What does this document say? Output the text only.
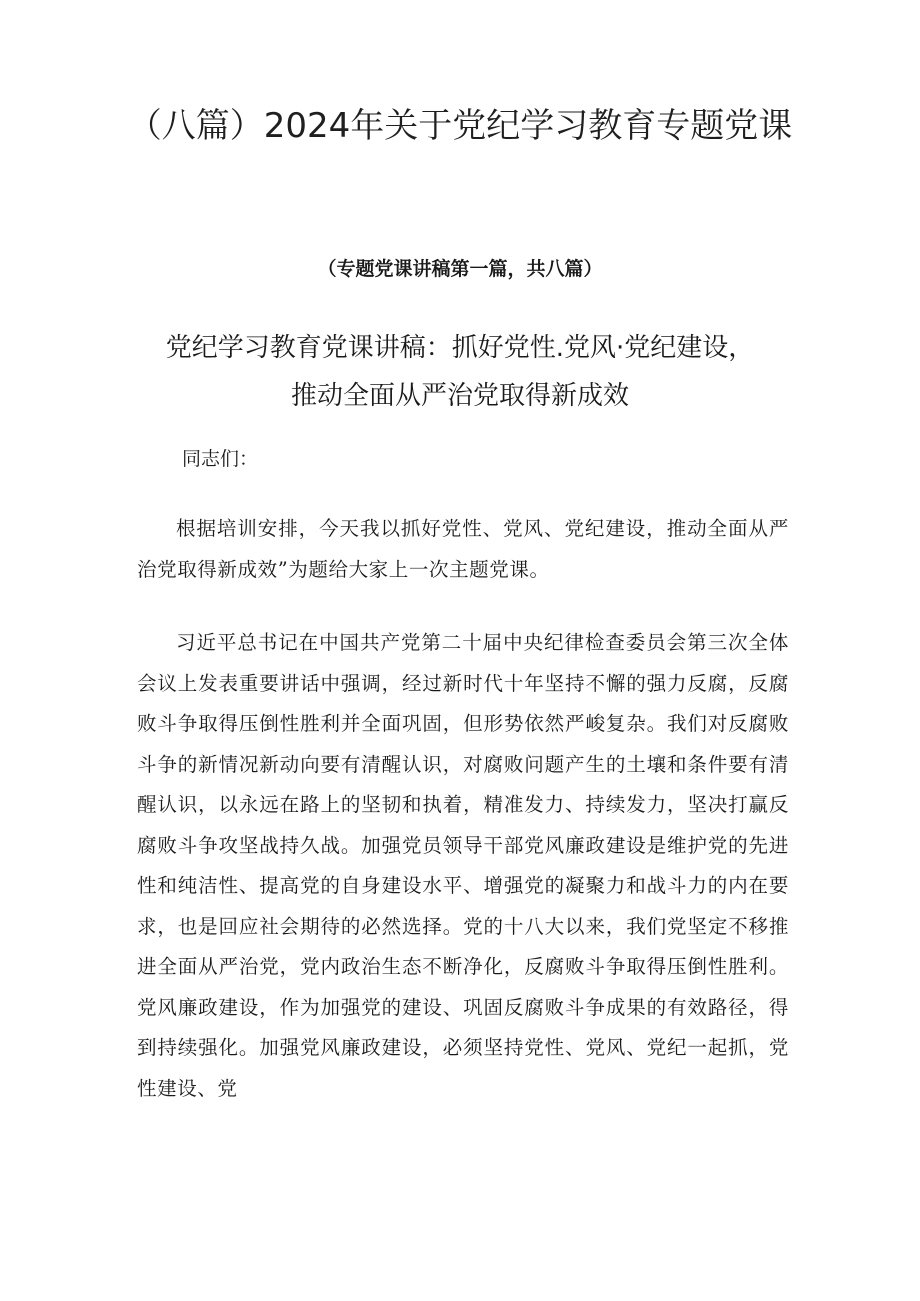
（八篇）2024年关于党纪学习教育专题党课

（专题党课讲稿第一篇，共八篇）

党纪学习教育党课讲稿：抓好党性.党风·党纪建设，推动全面从严治党取得新成效

同志们：

根据培训安排，今天我以抓好党性、党风、党纪建设，推动全面从严治党取得新成效”为题给大家上一次主题党课。

习近平总书记在中国共产党第二十届中央纪律检查委员会第三次全体会议上发表重要讲话中强调，经过新时代十年坚持不懈的强力反腐，反腐败斗争取得压倒性胜利并全面巩固，但形势依然严峻复杂。我们对反腐败斗争的新情况新动向要有清醒认识，对腐败问题产生的土壤和条件要有清醒认识，以永远在路上的坚韧和执着，精准发力、持续发力，坚决打赢反腐败斗争攻坚战持久战。加强党员领导干部党风廉政建设是维护党的先进性和纯洁性、提高党的自身建设水平、增强党的凝聚力和战斗力的内在要求，也是回应社会期待的必然选择。党的十八大以来，我们党坚定不移推进全面从严治党，党内政治生态不断净化，反腐败斗争取得压倒性胜利。党风廉政建设，作为加强党的建设、巩固反腐败斗争成果的有效路径，得到持续强化。加强党风廉政建设，必须坚持党性、党风、党纪一起抓，党性建设、党
